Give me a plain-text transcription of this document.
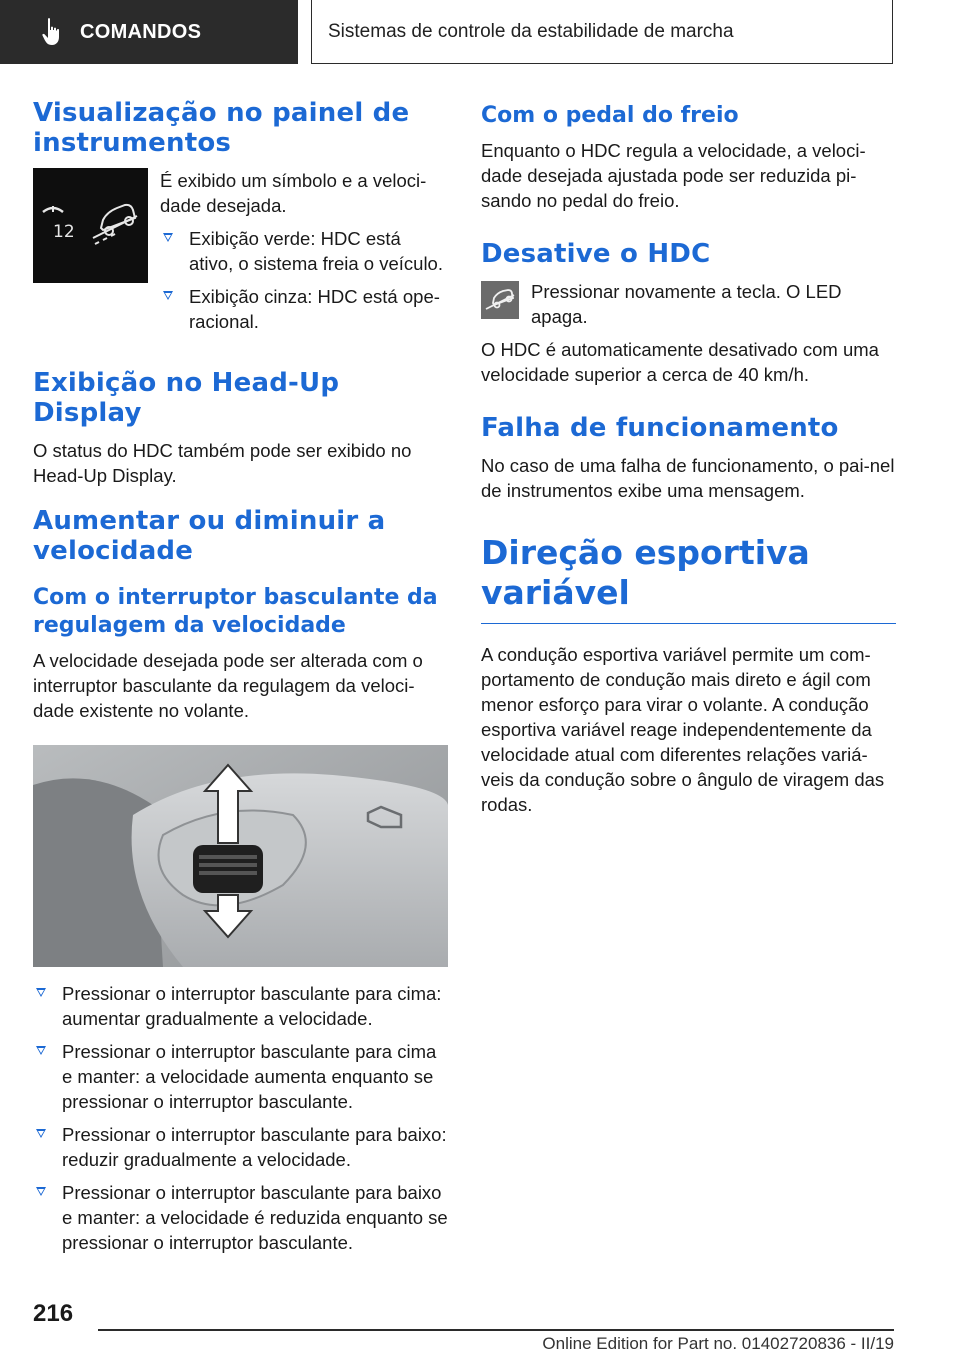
COMANDOS	Sistemas de controle da estabilidade de marcha
Visualização no painel de instrumentos
12

É exibido um símbolo e a veloci-dade desejada.

Exibição verde: HDC está ativo, o sistema freia o veículo.
Exibição cinza: HDC está ope-racional.
Exibição no Head-Up Display

O status do HDC também pode ser exibido no Head-Up Display.

Aumentar ou diminuir a velocidade
Com o interruptor basculante da regulagem da velocidade

A velocidade desejada pode ser alterada com o interruptor basculante da regulagem da veloci-dade existente no volante.

Pressionar o interruptor basculante para cima: aumentar gradualmente a velocidade.
Pressionar o interruptor basculante para cima e manter: a velocidade aumenta enquanto se pressionar o interruptor basculante.
Pressionar o interruptor basculante para baixo: reduzir gradualmente a velocidade.
Pressionar o interruptor basculante para baixo e manter: a velocidade é reduzida enquanto se pressionar o interruptor basculante.
Com o pedal do freio

Enquanto o HDC regula a velocidade, a veloci-dade desejada ajustada pode ser reduzida pi-sando no pedal do freio.

Desative o HDC

Pressionar novamente a tecla. O LED apaga.

O HDC é automaticamente desativado com uma velocidade superior a cerca de 40 km/h.

Falha de funcionamento

No caso de uma falha de funcionamento, o pai-nel de instrumentos exibe uma mensagem.

Direção esportiva variável

A condução esportiva variável permite um com-portamento de condução mais direto e ágil com menor esforço para virar o volante. A condução esportiva variável reage independentemente da velocidade atual com diferentes relações variá-veis da condução sobre o ângulo de viragem das rodas.

216
Online Edition for Part no. 01402720836 - II/19
